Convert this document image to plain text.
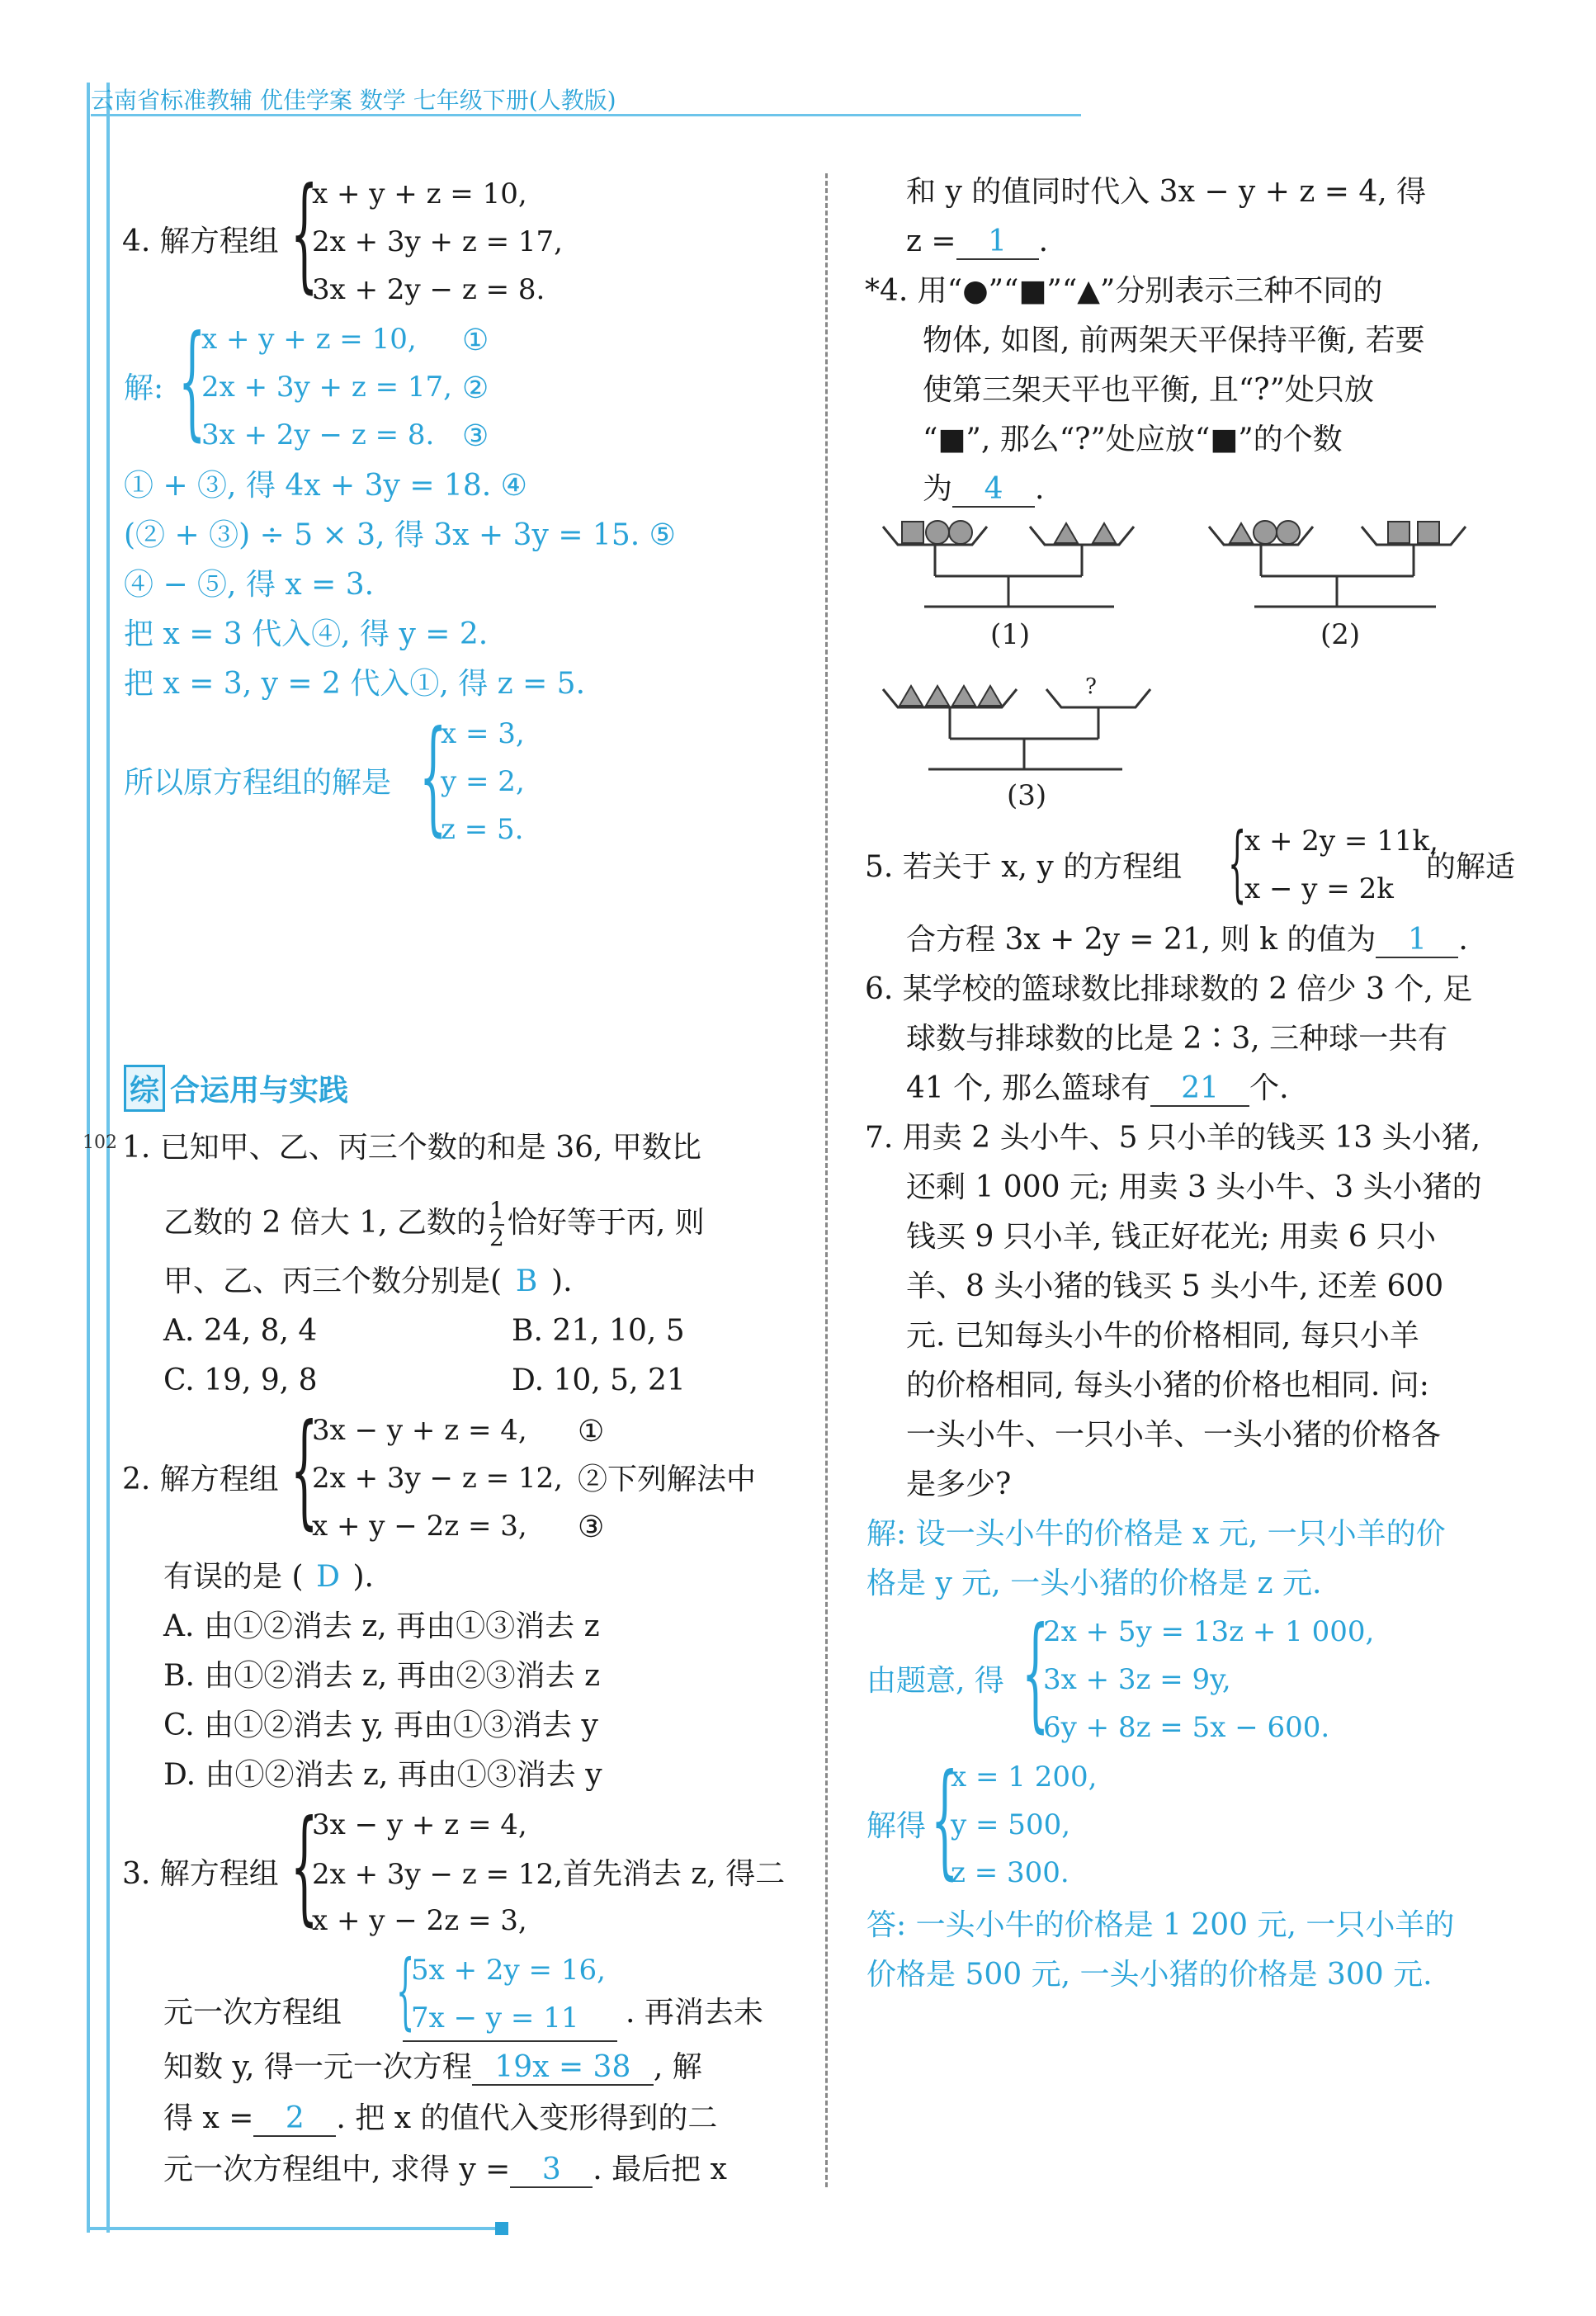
云南省标准教辅 优佳学案 数学 七年级下册(人教版)
102
4. 解方程组 {
x + y + z = 10,
2x + 3y + z = 17,
3x + 2y − z = 8.
解: {
x + y + z = 10,
2x + 3y + z = 17,
3x + 2y − z = 8.
①
②
③
① + ③, 得 4x + 3y = 18. ④
(② + ③) ÷ 5 × 3, 得 3x + 3y = 15. ⑤
④ − ⑤, 得 x = 3.
把 x = 3 代入④, 得 y = 2.
把 x = 3, y = 2 代入①, 得 z = 5.
所以原方程组的解是 {
x = 3,
y = 2,
z = 5.
综 合运用与实践
1. 已知甲、乙、丙三个数的和是 36, 甲数比
乙数的 2 倍大 1, 乙数的 $\frac{1}{2}$ 恰好等于丙, 则
甲、乙、丙三个数分别是( B ).
A. 24, 8, 4	B. 21, 10, 5
C. 19, 9, 8	D. 10, 5, 21
2. 解方程组 {
3x − y + z = 4,
2x + 3y − z = 12,
x + y − 2z = 3,
①
②下列解法中
③
有误的是 ( D ).
A. 由①②消去 z, 再由①③消去 z
B. 由①②消去 z, 再由②③消去 z
C. 由①②消去 y, 再由①③消去 y
D. 由①②消去 z, 再由①③消去 y
3. 解方程组 {
3x − y + z = 4,
2x + 3y − z = 12,首先消去 z, 得二
x + y − 2z = 3,
元一次方程组 {
5x + 2y = 16,
7x − y = 11 . 再消去未
知数 y, 得一元一次方程 19x = 38 , 解
得 x = 2 . 把 x 的值代入变形得到的二
元一次方程组中, 求得 y = 3 . 最后把 x
和 y 的值同时代入 3x − y + z = 4, 得
z = 1 .
*4. 用“●”“■”“▲”分别表示三种不同的
物体, 如图, 前两架天平保持平衡, 若要
使第三架天平也平衡, 且“?”处只放
“■”, 那么“?”处应放“■”的个数
为 4 .
?
(1)	(2)
(3)
5. 若关于 x, y 的方程组 {
x + 2y = 11k,
x − y = 2k
的解适
合方程 3x + 2y = 21, 则 k 的值为 1 .
6. 某学校的篮球数比排球数的 2 倍少 3 个, 足
球数与排球数的比是 2∶3, 三种球一共有
41 个, 那么篮球有 21 个.
7. 用卖 2 头小牛、5 只小羊的钱买 13 头小猪,
还剩 1 000 元; 用卖 3 头小牛、3 头小猪的
钱买 9 只小羊, 钱正好花光; 用卖 6 只小
羊、8 头小猪的钱买 5 头小牛, 还差 600
元. 已知每头小牛的价格相同, 每只小羊
的价格相同, 每头小猪的价格也相同. 问:
一头小牛、一只小羊、一头小猪的价格各
是多少?
解: 设一头小牛的价格是 x 元, 一只小羊的价
格是 y 元, 一头小猪的价格是 z 元.
由题意, 得 {
2x + 5y = 13z + 1 000,
3x + 3z = 9y,
6y + 8z = 5x − 600.
解得 {
x = 1 200,
y = 500,
z = 300.
答: 一头小牛的价格是 1 200 元, 一只小羊的
价格是 500 元, 一头小猪的价格是 300 元.
